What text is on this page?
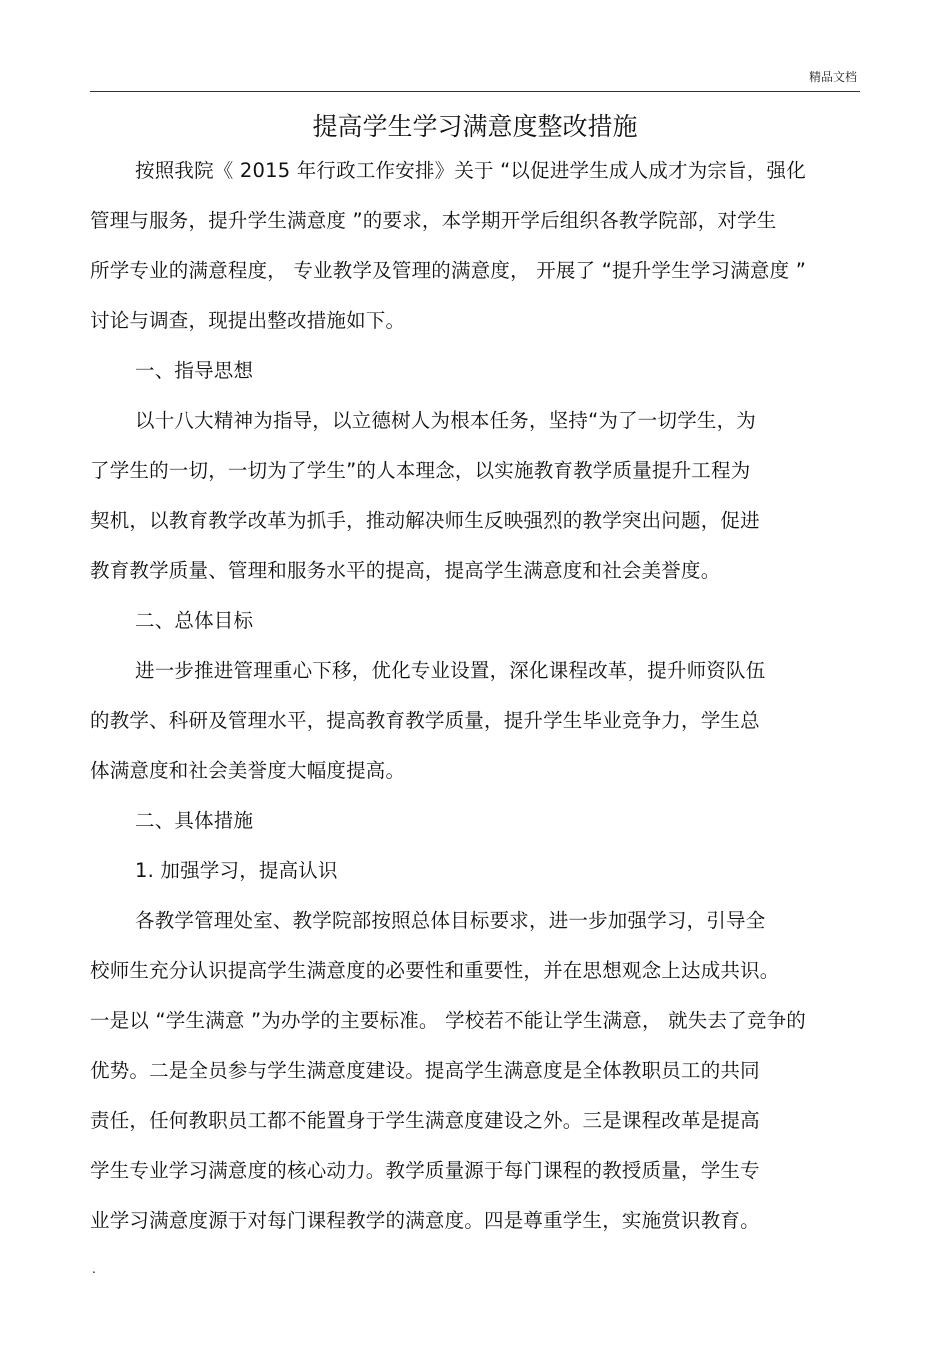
精品文档
提高学生学习满意度整改措施
按照我院《 2015 年行政工作安排》关于 “以促进学生成人成才为宗旨，强化
管理与服务，提升学生满意度 ”的要求，本学期开学后组织各教学院部，对学生
所学专业的满意程度， 专业教学及管理的满意度， 开展了 “提升学生学习满意度 ”
讨论与调查，现提出整改措施如下。
一、指导思想
以十八大精神为指导，以立德树人为根本任务，坚持“为了一切学生，为
了学生的一切，一切为了学生”的人本理念，以实施教育教学质量提升工程为
契机，以教育教学改革为抓手，推动解决师生反映强烈的教学突出问题，促进
教育教学质量、管理和服务水平的提高，提高学生满意度和社会美誉度。
二、总体目标
进一步推进管理重心下移，优化专业设置，深化课程改革，提升师资队伍
的教学、科研及管理水平，提高教育教学质量，提升学生毕业竞争力，学生总
体满意度和社会美誉度大幅度提高。
二、具体措施
1. 加强学习，提高认识
各教学管理处室、教学院部按照总体目标要求，进一步加强学习，引导全
校师生充分认识提高学生满意度的必要性和重要性，并在思想观念上达成共识。
一是以 “学生满意 ”为办学的主要标准。 学校若不能让学生满意， 就失去了竞争的
优势。二是全员参与学生满意度建设。提高学生满意度是全体教职员工的共同
责任，任何教职员工都不能置身于学生满意度建设之外。三是课程改革是提高
学生专业学习满意度的核心动力。教学质量源于每门课程的教授质量，学生专
业学习满意度源于对每门课程教学的满意度。四是尊重学生，实施赏识教育。
.
